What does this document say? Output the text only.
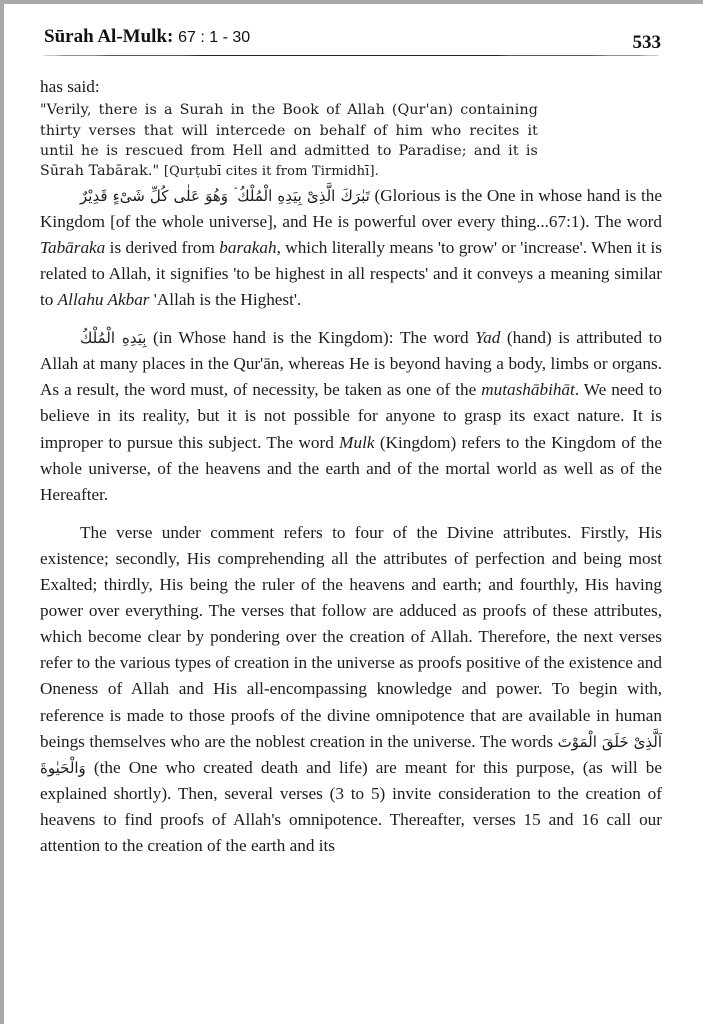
Sūrah Al-Mulk: 67 : 1 - 30	533

has said:

"Verily, there is a Surah in the Book of Allah (Qur'an) containing thirty verses that will intercede on behalf of him who recites it until he is rescued from Hell and admitted to Paradise; and it is Sūrah Tabārak." [Qurṭubī cites it from Tirmidhī].

تَبٰرَكَ الَّذِىْ بِيَدِهِ الْمُلْكُ ۡ وَهُوَ عَلٰى كُلِّ شَىْءٍ قَدِيْرٌ (Glorious is the One in whose hand is the Kingdom [of the whole universe], and He is powerful over every thing...67:1). The word Tabāraka is derived from barakah, which literally means 'to grow' or 'increase'. When it is related to Allah, it signifies 'to be highest in all respects' and it conveys a meaning similar to Allahu Akbar 'Allah is the Highest'.

بِيَدِهِ الْمُلْكُ (in Whose hand is the Kingdom): The word Yad (hand) is attributed to Allah at many places in the Qur'ān, whereas He is beyond having a body, limbs or organs. As a result, the word must, of necessity, be taken as one of the mutashābihāt. We need to believe in its reality, but it is not possible for anyone to grasp its exact nature. It is improper to pursue this subject. The word Mulk (Kingdom) refers to the Kingdom of the whole universe, of the heavens and the earth and of the mortal world as well as of the Hereafter.

The verse under comment refers to four of the Divine attributes. Firstly, His existence; secondly, His comprehending all the attributes of perfection and being most Exalted; thirdly, His being the ruler of the heavens and earth; and fourthly, His having power over everything. The verses that follow are adduced as proofs of these attributes, which become clear by pondering over the creation of Allah. Therefore, the next verses refer to the various types of creation in the universe as proofs positive of the existence and Oneness of Allah and His all-encompassing knowledge and power. To begin with, reference is made to those proofs of the divine omnipotence that are available in human beings themselves who are the noblest creation in the universe. The words اَلَّذِىْ خَلَقَ الْمَوْتَ وَالْحَيٰوةَ (the One who created death and life) are meant for this purpose, (as will be explained shortly). Then, several verses (3 to 5) invite consideration to the creation of heavens to find proofs of Allah's omnipotence. Thereafter, verses 15 and 16 call our attention to the creation of the earth and its
